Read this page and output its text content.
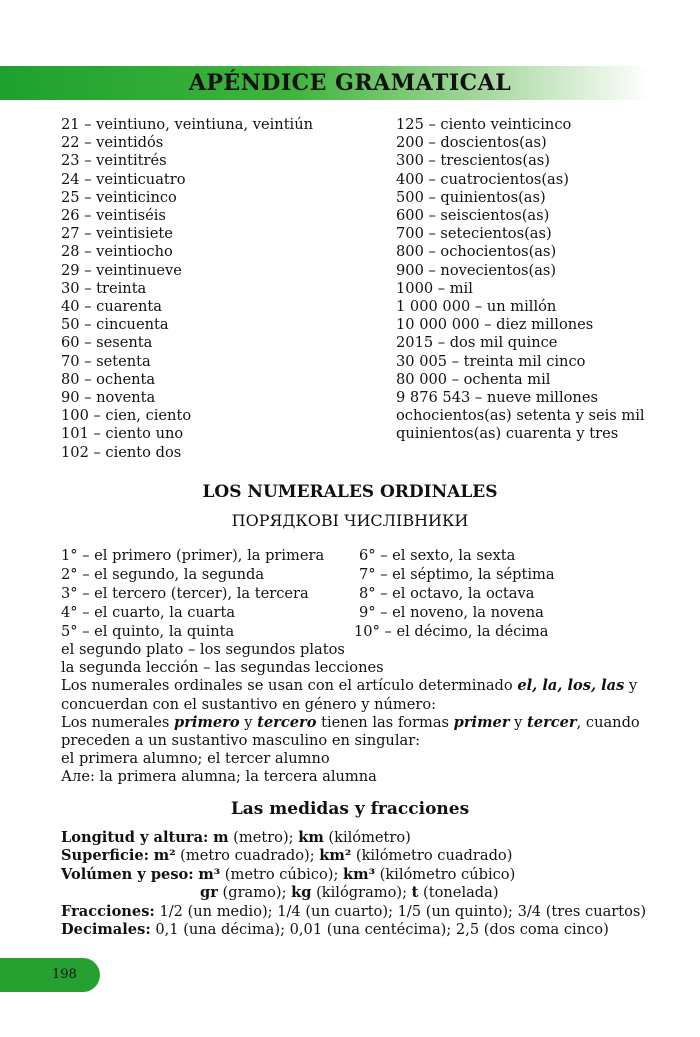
APÉNDICE GRAMATICAL
21 – veintiuno, veintiuna, veintiún
22 – veintidós
23 – veintitrés
24 – veinticuatro
25 – veinticinco
26 – veintiséis
27 – veintisiete
28 – veintiocho
29 – veintinueve
30 – treinta
40 – cuarenta
50 – cincuenta
60 – sesenta
70 – setenta
80 – ochenta
90 – noventa
100 – cien, ciento
101 – ciento uno
102 – ciento dos
125 – ciento veinticinco
200 – doscientos(as)
300 – trescientos(as)
400 – cuatrocientos(as)
500 – quinientos(as)
600 – seiscientos(as)
700 – setecientos(as)
800 – ochocientos(as)
900 – novecientos(as)
1000 – mil
1 000 000 – un millón
10 000 000 – diez millones
2015 – dos mil quince
30 005 – treinta mil cinco
80 000 – ochenta mil
9 876 543 – nueve millones
ochocientos(as) setenta y seis mil
quinientos(as) cuarenta y tres
LOS NUMERALES ORDINALES
ПОРЯДКОВІ ЧИСЛІВНИКИ
1° – el primero (primer), la primera 6° – el sexto, la sexta
2° – el segundo, la segunda	7° – el séptimo, la séptima
3° – el tercero (tercer), la tercera	8° – el octavo, la octava
4° – el cuarto, la cuarta	9° – el noveno, la novena
5° – el quinto, la quinta	10° – el décimo, la décima
el segundo plato – los segundos platos
la segunda lección – las segundas lecciones
Los numerales ordinales se usan con el artículo determinado el, la, los, las y
concuerdan con el sustantivo en género y número:
Los numerales primero y tercero tienen las formas primer y tercer, cuando
preceden a un sustantivo masculino en singular:
el primera alumno; el tercer alumno
Але: la primera alumna; la tercera alumna
Las medidas y fracciones
Longitud y altura: m (metro); km (kilómetro)
Superficie: m² (metro cuadrado); km² (kilómetro cuadrado)
Volúmen y peso: m³ (metro cúbico); km³ (kilómetro cúbico)
gr (gramo); kg (kilógramo); t (tonelada)
Fracciones: 1/2 (un medio); 1/4 (un cuarto); 1/5 (un quinto); 3/4 (tres cuartos)
Decimales: 0,1 (una décima); 0,01 (una centécima); 2,5 (dos coma cinco)
198
